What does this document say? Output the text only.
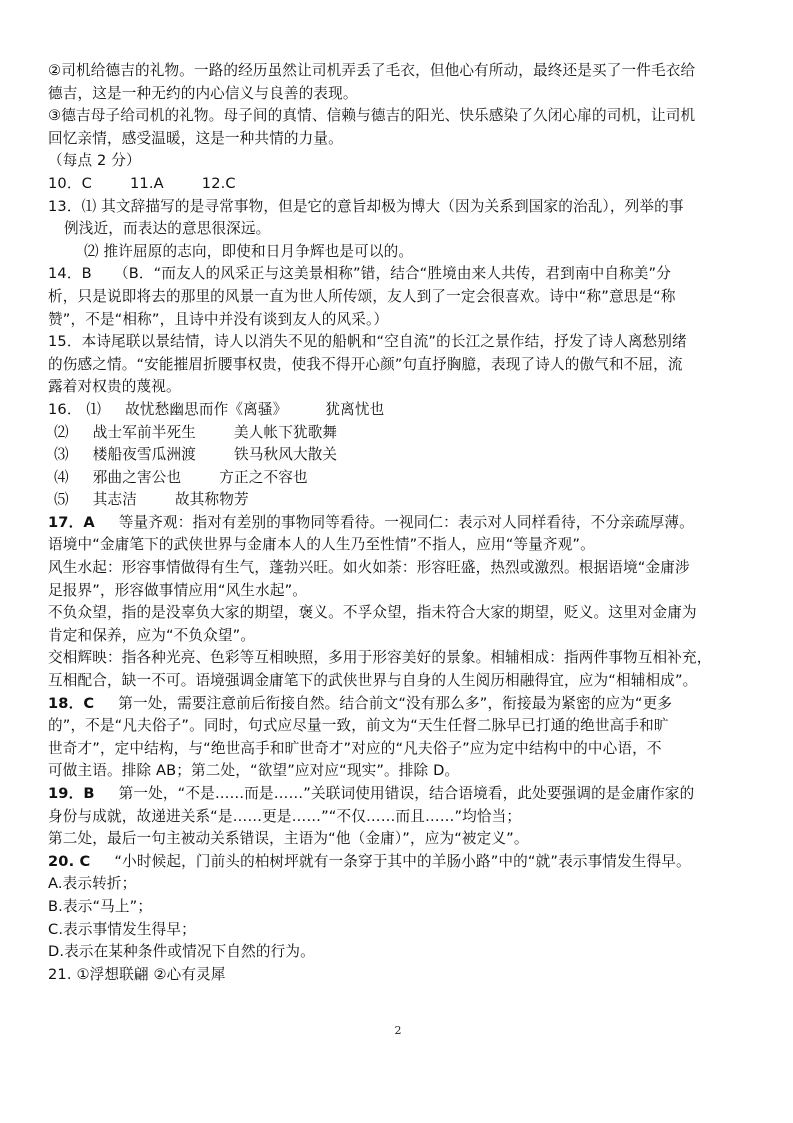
②司机给德吉的礼物。一路的经历虽然让司机弄丢了毛衣，但他心有所动，最终还是买了一件毛衣给

德吉，这是一种无约的内心信义与良善的表现。

③德吉母子给司机的礼物。母子间的真情、信赖与德吉的阳光、快乐感染了久闭心扉的司机，让司机

回忆亲情，感受温暖，这是一种共情的力量。

（每点 2 分）

10．C	11.A	12.C

13．⑴ 其文辞描写的是寻常事物，但是它的意旨却极为博大（因为关系到国家的治乱），列举的事

例浅近，而表达的意思很深远。

⑵ 推许屈原的志向，即使和日月争辉也是可以的。

14．B　　（B．“而友人的风采正与这美景相称”错，结合“胜境由来人共传，君到南中自称美”分

析，只是说即将去的那里的风景一直为世人所传颂，友人到了一定会很喜欢。诗中“称”意思是“称

赞”，不是“相称”，且诗中并没有谈到友人的风采。）

15．本诗尾联以景结情，诗人以消失不见的船帆和“空自流”的长江之景作结，抒发了诗人离愁别绪

的伤感之情。“安能摧眉折腰事权贵，使我不得开心颜”句直抒胸臆，表现了诗人的傲气和不屈，流

露着对权贵的蔑视。

16． ⑴ 故忧愁幽思而作《离骚》	犹离忧也

⑵ 战士军前半死生	美人帐下犹歌舞

⑶ 楼船夜雪瓜洲渡	铁马秋风大散关

⑷ 邪曲之害公也	方正之不容也

⑸ 其志洁	故其称物芳

17．A 等量齐观：指对有差别的事物同等看待。一视同仁：表示对人同样看待，不分亲疏厚薄。

语境中“金庸笔下的武侠世界与金庸本人的人生乃至性情”不指人，应用“等量齐观”。

风生水起：形容事情做得有生气，蓬勃兴旺。如火如荼：形容旺盛，热烈或激烈。根据语境“金庸涉

足报界”，形容做事情应用“风生水起”。

不负众望，指的是没辜负大家的期望，褒义。不孚众望，指未符合大家的期望，贬义。这里对金庸为

肯定和保养，应为“不负众望”。

交相辉映：指各种光亮、色彩等互相映照，多用于形容美好的景象。相辅相成：指两件事物互相补充，

互相配合，缺一不可。语境强调金庸笔下的武侠世界与自身的人生阅历相融得宜，应为“相辅相成”。

18．C 第一处，需要注意前后衔接自然。结合前文“没有那么多”，衔接最为紧密的应为“更多

的”，不是“凡夫俗子”。同时，句式应尽量一致，前文为“天生任督二脉早已打通的绝世高手和旷

世奇才”，定中结构，与“绝世高手和旷世奇才”对应的“凡夫俗子”应为定中结构中的中心语，不

可做主语。排除 AB；第二处，“欲望”应对应“现实”。排除 D。

19．B 第一处，“不是……而是……”关联词使用错误，结合语境看，此处要强调的是金庸作家的

身份与成就，故递进关系“是……更是……”“不仅……而且……”均恰当；

第二处，最后一句主被动关系错误，主语为“他（金庸）”，应为“被定义”。

20. C “小时候起，门前头的柏树坪就有一条穿于其中的羊肠小路”中的“就”表示事情发生得早。

A.表示转折；

B.表示“马上”；

C.表示事情发生得早；

D.表示在某种条件或情况下自然的行为。

21. ①浮想联翩 ②心有灵犀

2
